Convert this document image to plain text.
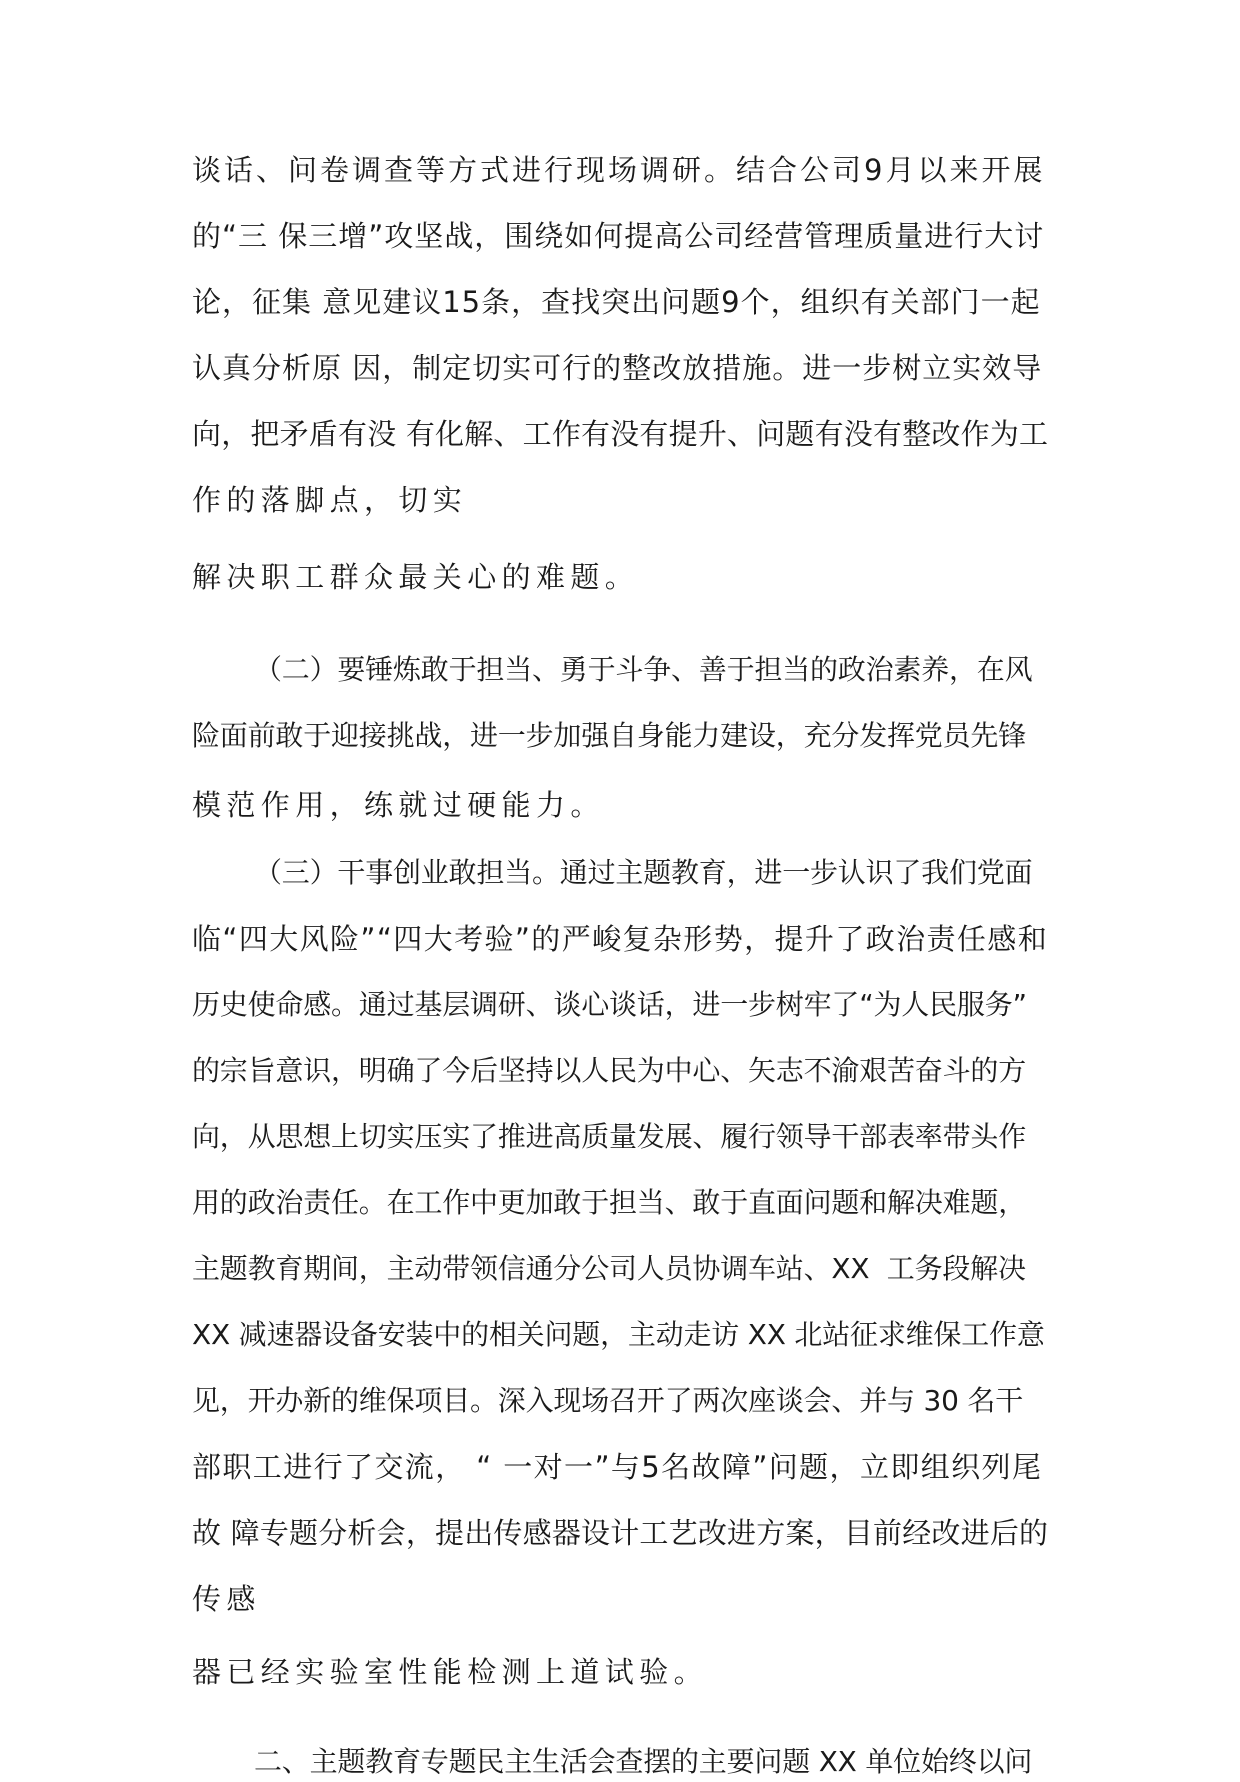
谈话、问卷调查等方式进行现场调研。结合公司9月以来开展

的“三 保三增”攻坚战，围绕如何提高公司经营管理质量进行大讨

论，征集 意见建议15条，查找突出问题9个，组织有关部门一起

认真分析原 因，制定切实可行的整改放措施。进一步树立实效导

向，把矛盾有没 有化解、工作有没有提升、问题有没有整改作为工

作的落脚点，切实

解决职工群众最关心的难题。

（二）要锤炼敢于担当、勇于斗争、善于担当的政治素养，在风

险面前敢于迎接挑战，进一步加强自身能力建设，充分发挥党员先锋

模范作用，练就过硬能力。

（三）干事创业敢担当。通过主题教育，进一步认识了我们党面

临“四大风险”“四大考验”的严峻复杂形势，提升了政治责任感和

历史使命感。通过基层调研、谈心谈话，进一步树牢了“为人民服务”

的宗旨意识，明确了今后坚持以人民为中心、矢志不渝艰苦奋斗的方

向，从思想上切实压实了推进高质量发展、履行领导干部表率带头作

用的政治责任。在工作中更加敢于担当、敢于直面问题和解决难题，

主题教育期间，主动带领信通分公司人员协调车站、XX  工务段解决

XX 减速器设备安装中的相关问题，主动走访 XX 北站征求维保工作意

见，开办新的维保项目。深入现场召开了两次座谈会、并与 30 名干

部职工进行了交流， “ 一对一”与5名故障”问题，立即组织列尾

故 障专题分析会，提出传感器设计工艺改进方案，目前经改进后的

传感

器已经实验室性能检测上道试验。

二、主题教育专题民主生活会查摆的主要问题 XX 单位始终以问
